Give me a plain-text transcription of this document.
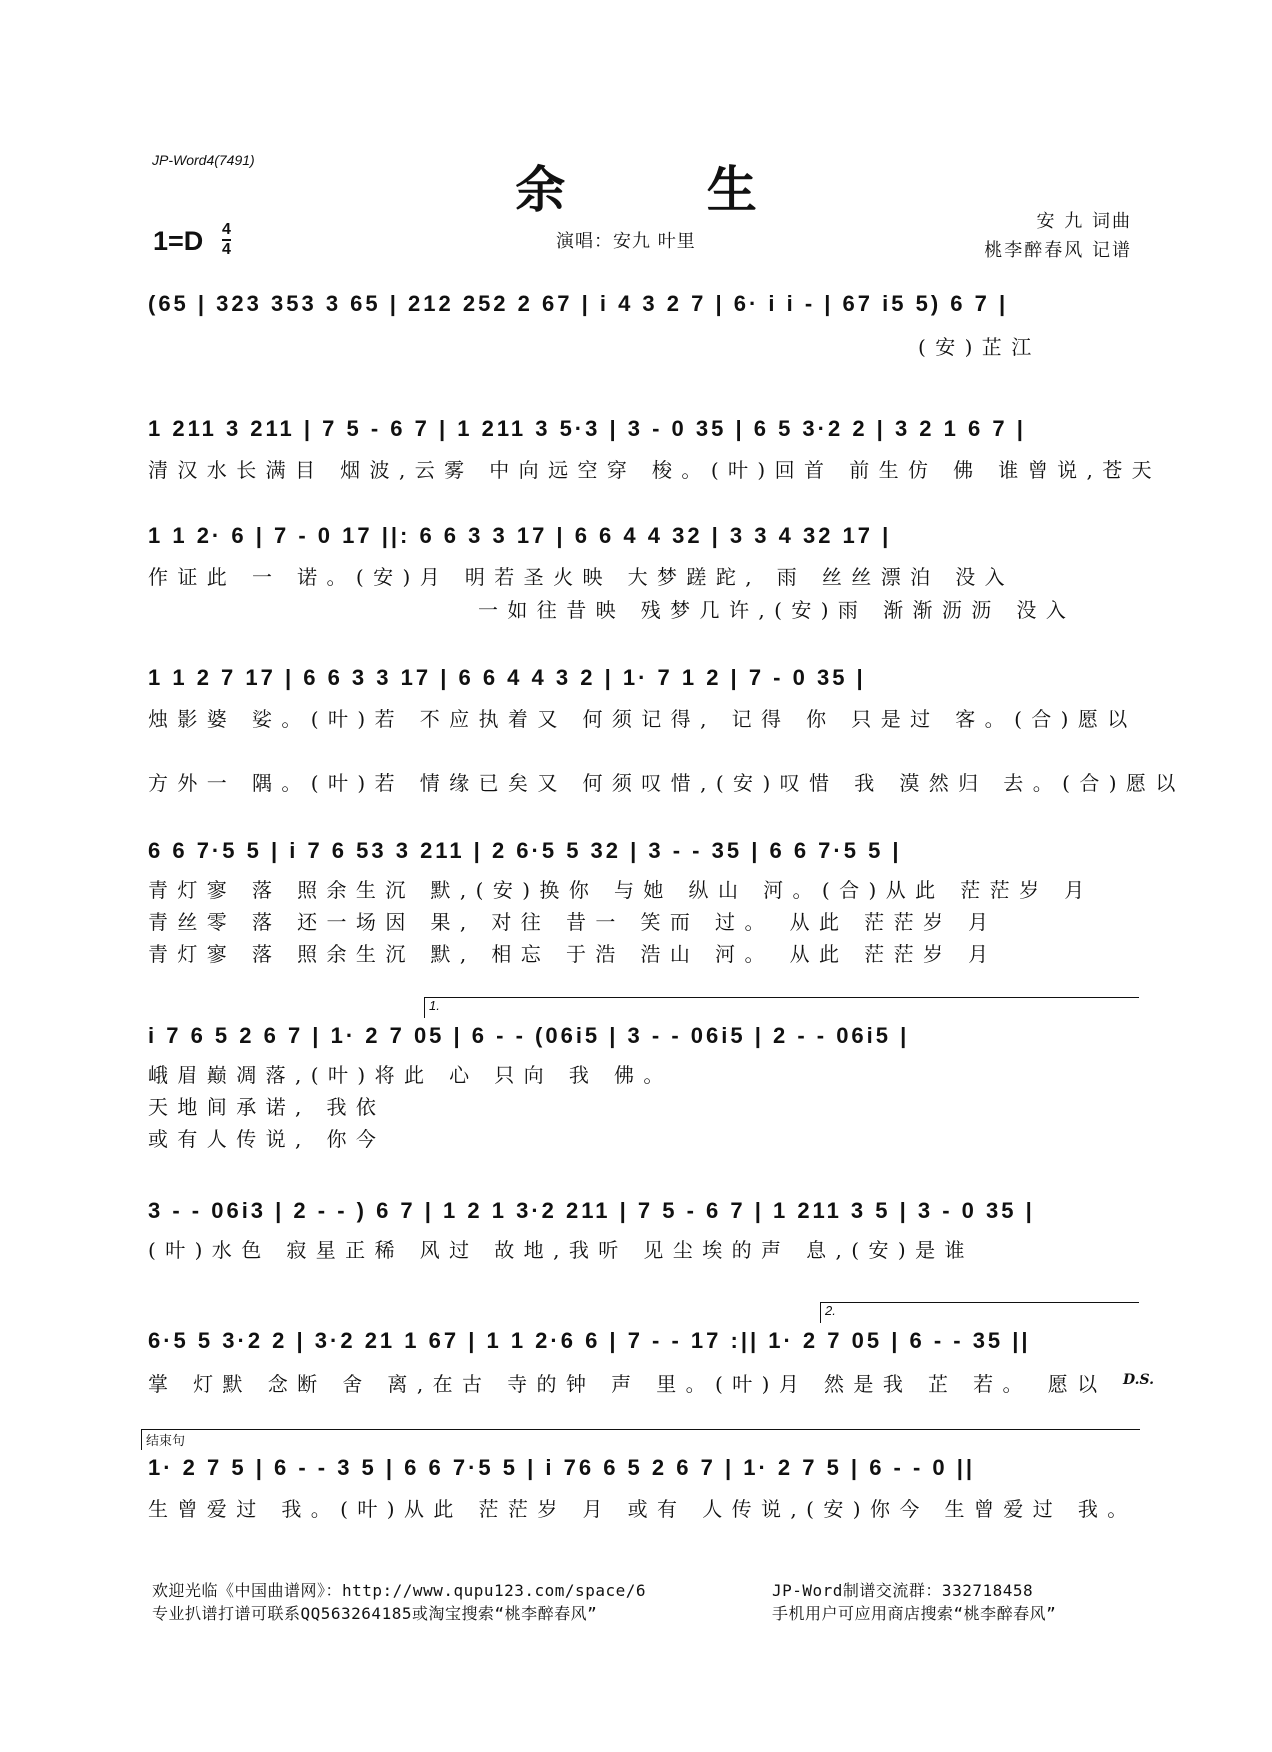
JP-Word4(7491)	余 生
1=D 4
4	演唱：安九 叶里
安 九 词曲
桃李醉春风 记谱
(65 | 323 353 3 65 | 212 252 2 67 | i 4 3 2 7 | 6· i i - | 67 i5 5) 6 7 |
(安)芷江
1 211 3 211 | 7 5 - 6 7 | 1 211 3 5·3 | 3 - 0 35 | 6 5 3·2 2 | 3 2 1 6 7 |
清汉水长满目 烟波,云雾 中向远空穿 梭。(叶)回首 前生仿 佛 谁曾说,苍天
1 1 2· 6 | 7 - 0 17 ||: 6 6 3 3 17 | 6 6 4 4 32 | 3 3 4 32 17 |
作证此 一 诺。(安)月 明若圣火映 大梦蹉跎, 雨 丝丝漂泊 没入
一如往昔映 残梦几许,(安)雨 渐渐沥沥 没入
1 1 2 7 17 | 6 6 3 3 17 | 6 6 4 4 3 2 | 1· 7 1 2 | 7 - 0 35 |
烛影婆 娑。(叶)若 不应执着又 何须记得, 记得 你 只是过 客。(合)愿以
方外一 隅。(叶)若 情缘已矣又 何须叹惜,(安)叹惜 我 漠然归 去。(合)愿以
6 6 7·5 5 | i 7 6 53 3 211 | 2 6·5 5 32 | 3 - - 35 | 6 6 7·5 5 |
青灯寥 落 照余生沉 默,(安)换你 与她 纵山 河。(合)从此 茫茫岁 月
青丝零 落 还一场因 果, 对往 昔一 笑而 过。 从此 茫茫岁 月
青灯寥 落 照余生沉 默, 相忘 于浩 浩山 河。 从此 茫茫岁 月
1.
i 7 6 5 2 6 7 | 1· 2 7 05 | 6 - - (06i5 | 3 - - 06i5 | 2 - - 06i5 |
峨眉巅凋落,(叶)将此 心 只向 我 佛。
天地间承诺, 我依
或有人传说, 你今
3 - - 06i3 | 2 - - ) 6 7 | 1 2 1 3·2 211 | 7 5 - 6 7 | 1 211 3 5 | 3 - 0 35 |
(叶)水色 寂星正稀 风过 故地,我听 见尘埃的声 息,(安)是谁
2.
6·5 5 3·2 2 | 3·2 21 1 67 | 1 1 2·6 6 | 7 - - 17 :|| 1· 2 7 05 | 6 - - 35 ||
掌 灯默 念断 舍 离,在古 寺的钟 声 里。(叶)月 然是我 芷 若。 愿以	D.S.
结束句
1· 2 7 5 | 6 - - 3 5 | 6 6 7·5 5 | i 76 6 5 2 6 7 | 1· 2 7 5 | 6 - - 0 ||
生曾爱过 我。(叶)从此 茫茫岁 月 或有 人传说,(安)你今 生曾爱过 我。
欢迎光临《中国曲谱网》：http://www.qupu123.com/space/6
专业扒谱打谱可联系QQ563264185或淘宝搜索“桃李醉春风”
JP-Word制谱交流群：332718458
手机用户可应用商店搜索“桃李醉春风”
